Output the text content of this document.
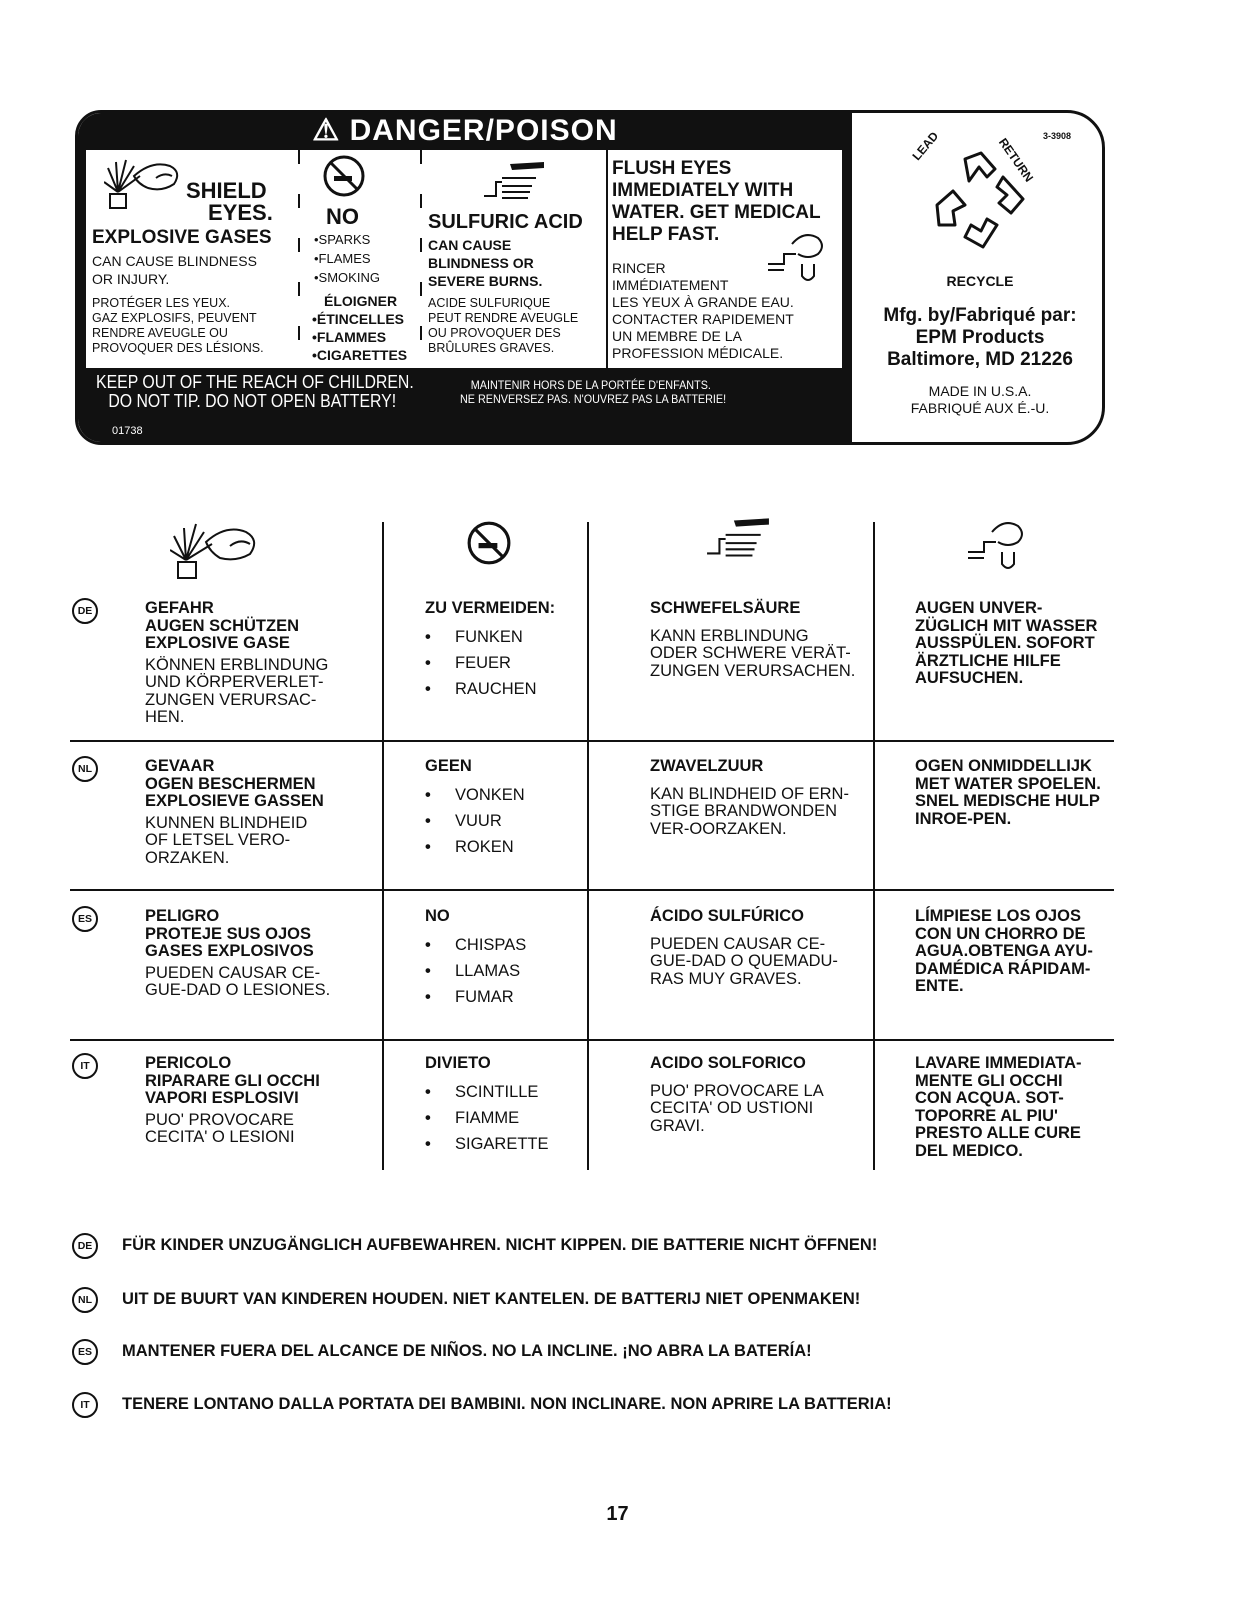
⚠ DANGER/POISON
SHIELD
EYES.
EXPLOSIVE GASES
CAN CAUSE BLINDNESS
OR INJURY.
PROTÉGER LES YEUX.
GAZ EXPLOSIFS, PEUVENT
RENDRE AVEUGLE OU
PROVOQUER DES LÉSIONS.
NO
•SPARKS
•FLAMES
•SMOKING
ÉLOIGNER
•ÉTINCELLES
•FLAMMES
•CIGARETTES
SULFURIC ACID
CAN CAUSE
BLINDNESS OR
SEVERE BURNS.
ACIDE SULFURIQUE
PEUT RENDRE AVEUGLE
OU PROVOQUER DES
BRÛLURES GRAVES.
FLUSH EYES
IMMEDIATELY WITH
WATER. GET MEDICAL
HELP FAST.
RINCER
IMMÉDIATEMENT
LES YEUX À GRANDE EAU.
CONTACTER RAPIDEMENT
UN MEMBRE DE LA
PROFESSION MÉDICALE.
KEEP OUT OF THE REACH OF CHILDREN.
DO NOT TIP. DO NOT OPEN BATTERY!
MAINTENIR HORS DE LA PORTÉE D'ENFANTS.
NE RENVERSEZ PAS. N'OUVREZ PAS LA BATTERIE!
01738
3-3908
LEAD	RETURN
RECYCLE
Mfg. by/Fabriqué par:
EPM Products
Baltimore, MD 21226
MADE IN U.S.A.
FABRIQUÉ AUX É.-U.
DE	GEFAHR
AUGEN SCHÜTZEN
EXPLOSIVE GASE
KÖNNEN ERBLINDUNG
UND KÖRPERVERLET-
ZUNGEN VERURSAC-
HEN.
ZU VERMEIDEN:
• FUNKEN
• FEUER
• RAUCHEN
SCHWEFELSÄURE
KANN ERBLINDUNG
ODER SCHWERE VERÄT-
ZUNGEN VERURSACHEN.
AUGEN UNVER-
ZÜGLICH MIT WASSER
AUSSPÜLEN. SOFORT
ÄRZTLICHE HILFE
AUFSUCHEN.
NL	GEVAAR
OGEN BESCHERMEN
EXPLOSIEVE GASSEN
KUNNEN BLINDHEID
OF LETSEL VERO-
ORZAKEN.
GEEN
• VONKEN
• VUUR
• ROKEN
ZWAVELZUUR
KAN BLINDHEID OF ERN-
STIGE BRANDWONDEN
VER-OORZAKEN.
OGEN ONMIDDELLIJK
MET WATER SPOELEN.
SNEL MEDISCHE HULP
INROE-PEN.
ES	PELIGRO
PROTEJE SUS OJOS
GASES EXPLOSIVOS
PUEDEN CAUSAR CE-
GUE-DAD O LESIONES.
NO
• CHISPAS
• LLAMAS
• FUMAR
ÁCIDO SULFÚRICO
PUEDEN CAUSAR CE-
GUE-DAD O QUEMADU-
RAS MUY GRAVES.
LÍMPIESE LOS OJOS
CON UN CHORRO DE
AGUA.OBTENGA AYU-
DAMÉDICA RÁPIDAM-
ENTE.
IT	PERICOLO
RIPARARE GLI OCCHI
VAPORI ESPLOSIVI
PUO' PROVOCARE
CECITA' O LESIONI
DIVIETO
• SCINTILLE
• FIAMME
• SIGARETTE
ACIDO SOLFORICO
PUO' PROVOCARE LA
CECITA' OD USTIONI
GRAVI.
LAVARE IMMEDIATA-
MENTE GLI OCCHI
CON ACQUA. SOT-
TOPORRE AL PIU'
PRESTO ALLE CURE
DEL MEDICO.
DE	FÜR KINDER UNZUGÄNGLICH AUFBEWAHREN. NICHT KIPPEN. DIE BATTERIE NICHT ÖFFNEN!
NL	UIT DE BUURT VAN KINDEREN HOUDEN. NIET KANTELEN. DE BATTERIJ NIET OPENMAKEN!
ES	MANTENER FUERA DEL ALCANCE DE NIÑOS. NO LA INCLINE. ¡NO ABRA LA BATERÍA!
IT	TENERE LONTANO DALLA PORTATA DEI BAMBINI. NON INCLINARE. NON APRIRE LA BATTERIA!
17
